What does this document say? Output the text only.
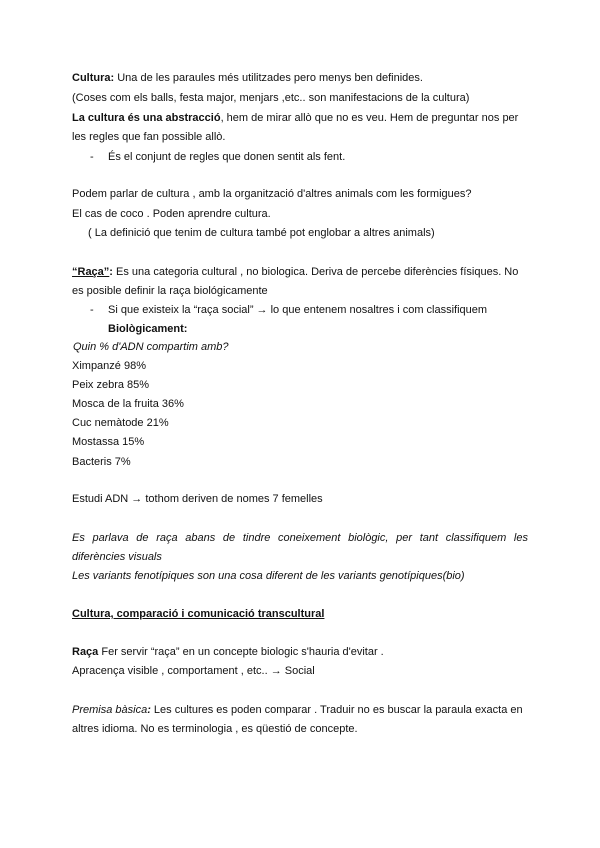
Cultura: Una de les paraules més utilitzades pero menys ben definides.
(Coses com els balls, festa major, menjars ,etc.. son manifestacions de la cultura)
La cultura és una abstracció, hem de mirar allò que no es veu. Hem de preguntar nos per
les regles que fan possible allò.
- És el conjunt de regles que donen sentit als fent.
Podem parlar de cultura , amb la organització d'altres animals com les formigues?
El cas de coco . Poden aprendre cultura.
( La definició que tenim de cultura també pot englobar a altres animals)
“Raça”: Es una categoria cultural , no biologica. Deriva de percebe diferències físiques. No
es posible definir la raça biológicamente
- Si que existeix la “raça social” → lo que entenem nosaltres i com classifiquem
Biològicament:
Quin % d'ADN compartim amb?
Ximpanzé 98%
Peix zebra 85%
Mosca de la fruita 36%
Cuc nemàtode 21%
Mostassa 15%
Bacteris 7%
Estudi ADN → tothom deriven de nomes 7 femelles
Es parlava de raça abans de tindre coneixement biològic, per tant classifiquem les
diferències visuals
Les variants fenotípiques son una cosa diferent de les variants genotípiques(bio)
Cultura, comparació i comunicació transcultural
Raça Fer servir “raça” en un concepte biologic s'hauria d'evitar .
Apracença visible , comportament , etc.. → Social
Premisa bàsica: Les cultures es poden comparar . Traduir no es buscar la paraula exacta en
altres idioma. No es terminologia , es qüestió de concepte.
